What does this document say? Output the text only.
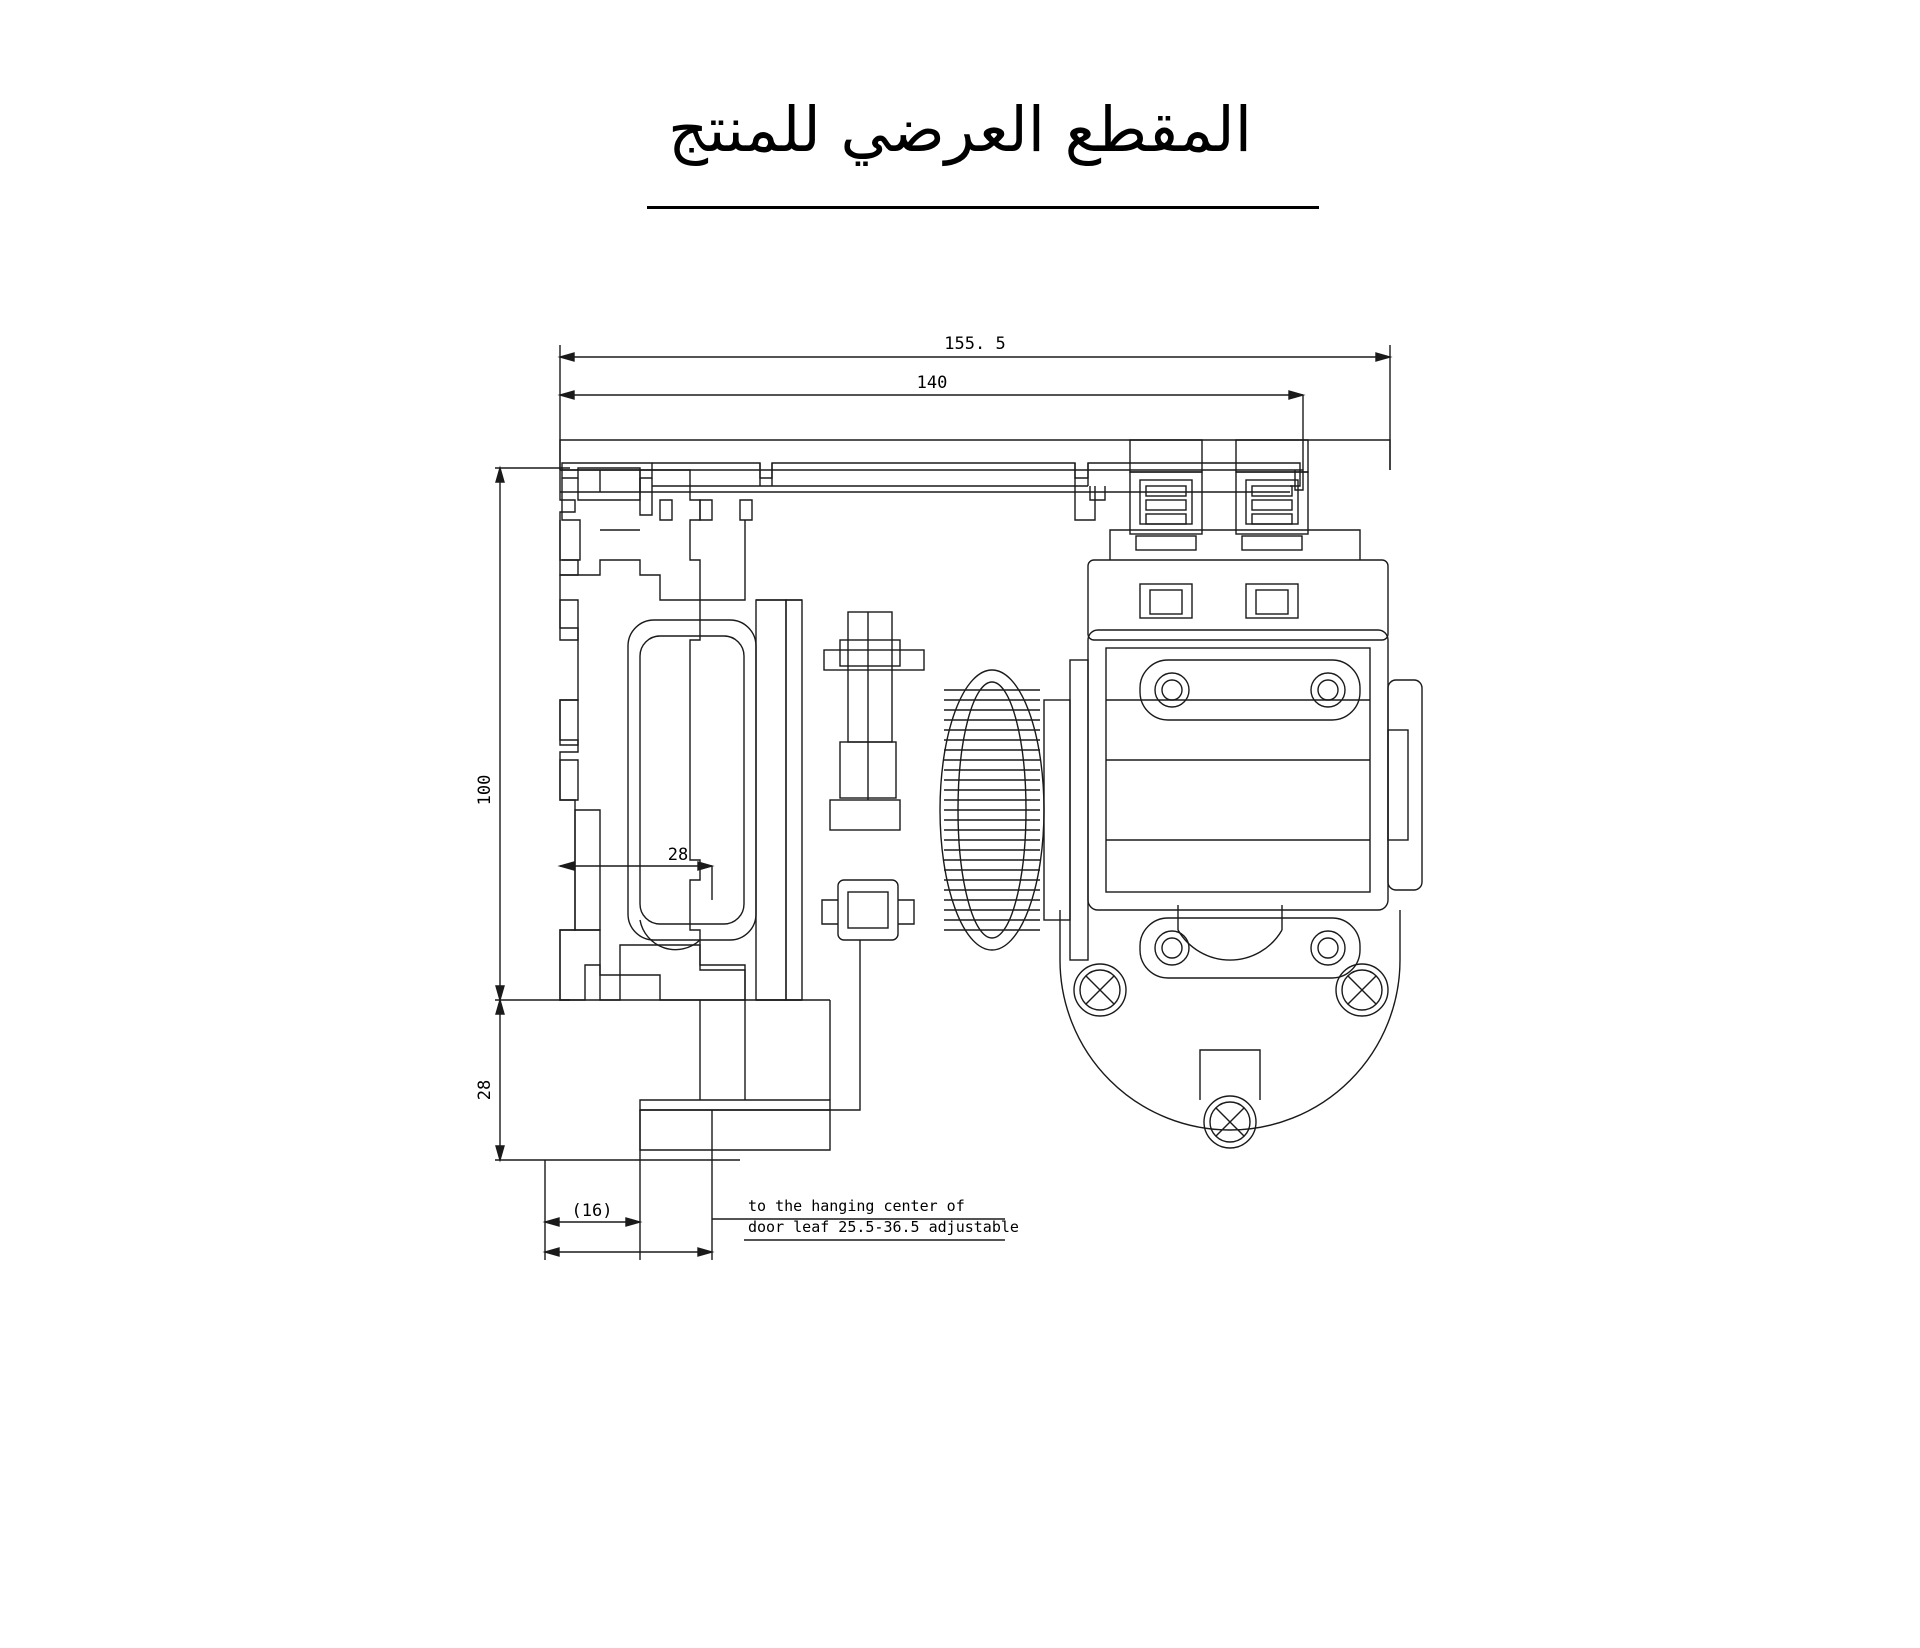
المقطع العرضي للمنتج
155. 5
140
100
28
28
(16)	to the hanging center of
door leaf 25.5-36.5 adjustable
